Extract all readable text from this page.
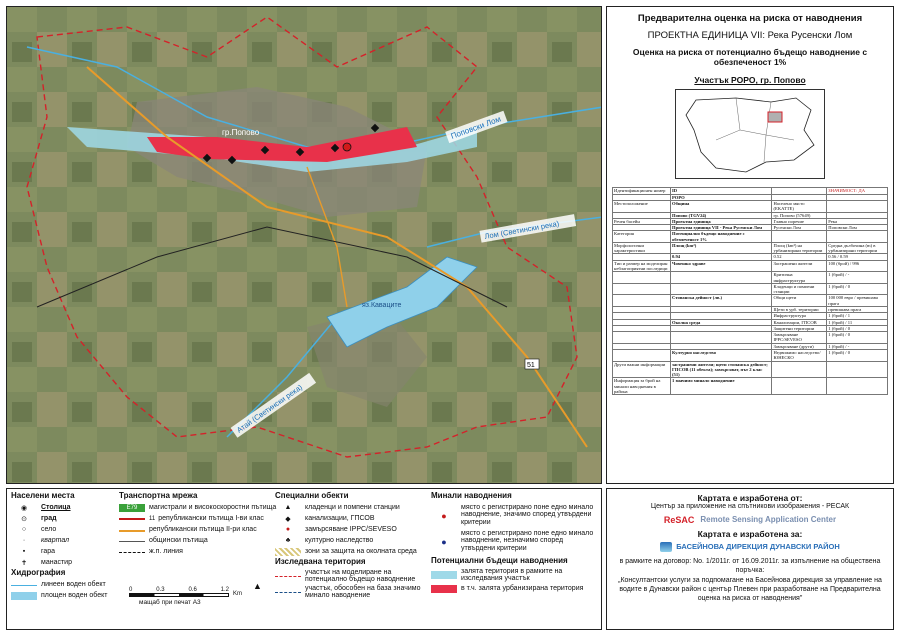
гр.Попово	Поповски Лом
Лом (Светински река)
Атай (Светински река)
яз.Каваците
51
Предварителна оценка на риска от наводнения
ПРОЕКТНА ЕДИНИЦА VII: Река Русенски Лом
Оценка на риска от потенциално бъдещо наводнение с обезпеченост 1%
Участък POPO, гр. Попово
Идентификационен номер	ID		ЗНАЧИМОСТ: ДА
	POPO		
Местоположение	Община	Населено място (EKATTE)	
	Попово (TGV24)	гр. Попово (57649)	
Речен басейн	Проектна единица	Главно поречие	Река
	Проектна единица VII - Река Русенски Лом	Русенски Лом	Поповски Лом
Категория	Потенциално бъдещо наводнение с обезпеченост 1%		
Морфологични характеристики	Площ (km²)	Площ (km²) на урбанизирани територии	Средна дълбочина (m) в урбанизирани територии
	0.94	0.52	0.56 / 0.59
Тип и размер на моделиран неблагоприятни последици	Човешко здраве	Застрашени жители	100 (брой) / 996
		Критична инфраструктура	1 (брой) / -
		Кладенци и помпени станции	1 (брой) / 0
	Стопанска дейност (лв.)	Общи щети	100 000 евро / превишава прага
		Щети в урб. територии	превишава прага
		Инфраструктура	1 (брой) / 1
	Околна среда	Канализации, ГПСОВ	1 (брой) / 11
		Защитени територии	1 (брой) / 0
		Замърсяване IPPC/SEVESO	1 (брой) / 0
		Замърсяване (други)	1 (брой) / -
	Културно наследство	Недвижимо наследство/ЮНЕСКО	1 (брой) / 0
Други важни информации	застрашени жители; щети стопанска дейност; ГПСОВ (11 обекта); замърсяват, път 2 клас (51)		
Информация за брой на минали наводнения в района	1 значимо минало наводнение		
Населени места
◉	Столица
⊙	град
○	село
·	квартал
▪	гара
✝	манастир
Хидрография
линеен воден обект
площен воден обект
Транспортна мрежа
E79	магистрали и високоскоростни пътища
11 републикански пътища I-ви клас
републикански пътища II-ри клас
общински пътища
ж.п. линия
0	0.3	0.6	1.2
Km
▲
мащаб при печат A3
Специални обекти
▲	кладенци и помпени станции
◆	канализации, ГПСОВ
●	замърсяване IPPC/SEVESO
♣	културно наследство
зони за защита на околната среда
Изследвана територия
участък на моделиране на потенциално бъдещо наводнение
участък, обособен на база значимо минало наводнение
Минали наводнения
●
място с регистрирано поне едно минало наводнение, значимо според утвърдени критерии
●
място с регистрирано поне едно минало наводнение, незначимо според утвърдени критерии
Потенциални бъдещи наводнения
залята територия в рамките на изследвания участък
в т.ч. залята урбанизирана територия
Картата е изработена от:
Център за приложение на спътникови изображения - РЕСАК
ReSAC Remote Sensing Application Center
Картата е изработена за:
БАСЕЙНОВА ДИРЕКЦИЯ ДУНАВСКИ РАЙОН
в рамките на договор: No. 1/2011г. от 16.09.2011г. за изпълнение на обществена поръчка:
„Консултантски услуги за подпомагане на Басейнова дирекция за управление на водите в Дунавски район с център Плевен при разработване на Предварителна оценка на риска от наводнения"
